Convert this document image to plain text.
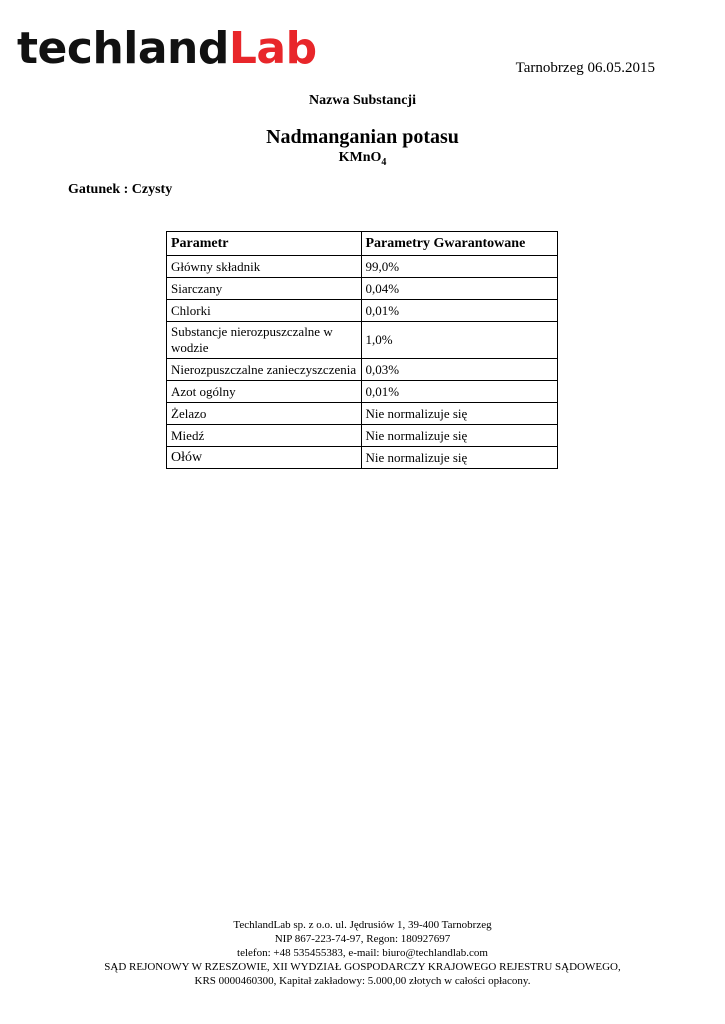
techlandLab	Tarnobrzeg 06.05.2015
Nazwa Substancji
Nadmanganian potasu
KMnO$_4$
Gatunek : Czysty
Parametr	Parametry Gwarantowane
Główny składnik	99,0%
Siarczany	0,04%
Chlorki	0,01%
Substancje nierozpuszczalne w wodzie	1,0%
Nierozpuszczalne zanieczyszczenia	0,03%
Azot ogólny	0,01%
Żelazo	Nie normalizuje się
Miedź	Nie normalizuje się
Ołów	Nie normalizuje się
TechlandLab sp. z o.o. ul. Jędrusiów 1, 39-400 Tarnobrzeg
NIP 867-223-74-97, Regon: 180927697
telefon: +48 535455383, e-mail: biuro@techlandlab.com
SĄD REJONOWY W RZESZOWIE, XII WYDZIAŁ GOSPODARCZY KRAJOWEGO REJESTRU SĄDOWEGO,
KRS 0000460300, Kapitał zakładowy: 5.000,00 złotych w całości opłacony.
